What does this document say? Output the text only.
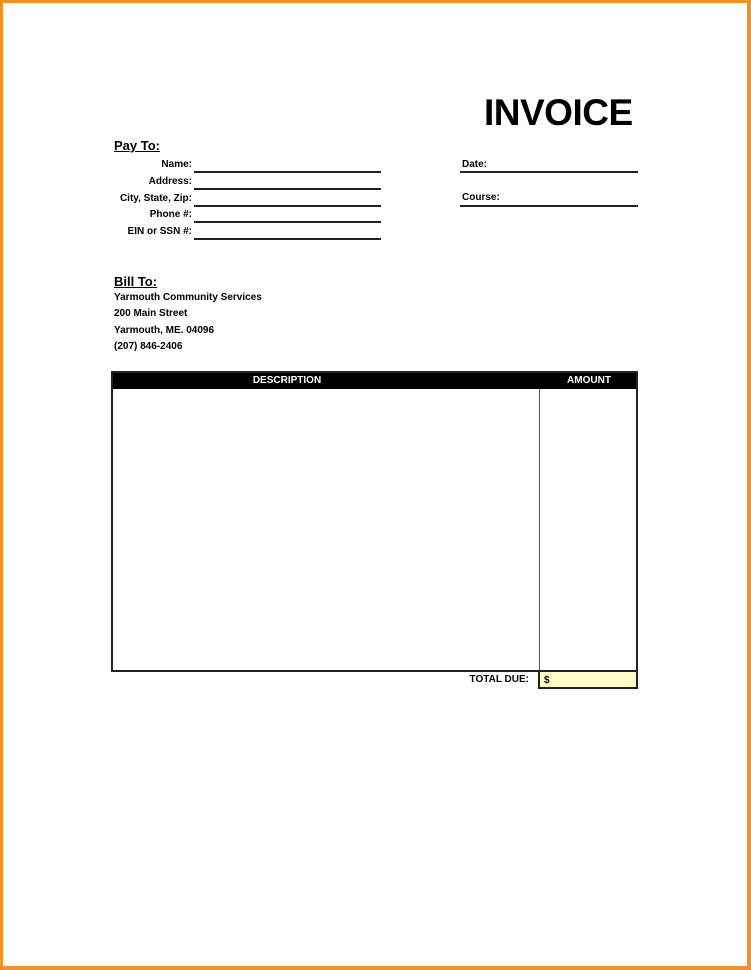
INVOICE
Pay To:
Name:
Address:
City, State, Zip:
Phone #:
EIN or SSN #:
Date:
Course:
Bill To:
Yarmouth Community Services
200 Main Street
Yarmouth, ME. 04096
(207) 846-2406
DESCRIPTION	AMOUNT
TOTAL DUE:	$
